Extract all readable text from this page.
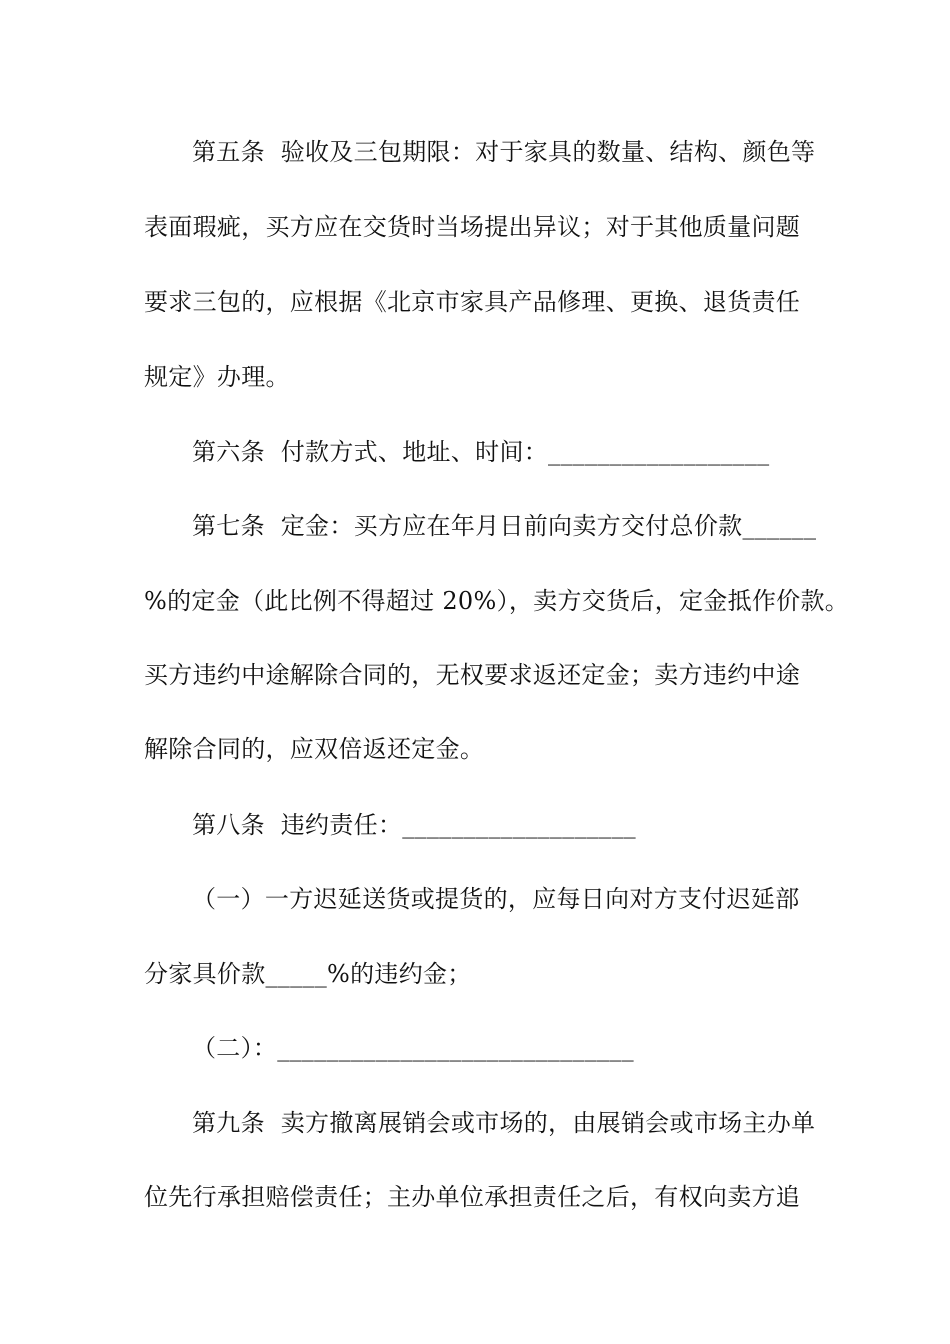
第五条  验收及三包期限：对于家具的数量、结构、颜色等
表面瑕疵，买方应在交货时当场提出异议；对于其他质量问题
要求三包的，应根据《北京市家具产品修理、更换、退货责任
规定》办理。
第六条  付款方式、地址、时间：__________________
第七条  定金：买方应在年月日前向卖方交付总价款______
%的定金（此比例不得超过 20%），卖方交货后，定金抵作价款。
买方违约中途解除合同的，无权要求返还定金；卖方违约中途
解除合同的，应双倍返还定金。
第八条  违约责任：___________________
（一）一方迟延送货或提货的，应每日向对方支付迟延部
分家具价款_____%的违约金；
（二）：_____________________________
第九条  卖方撤离展销会或市场的，由展销会或市场主办单
位先行承担赔偿责任；主办单位承担责任之后，有权向卖方追
